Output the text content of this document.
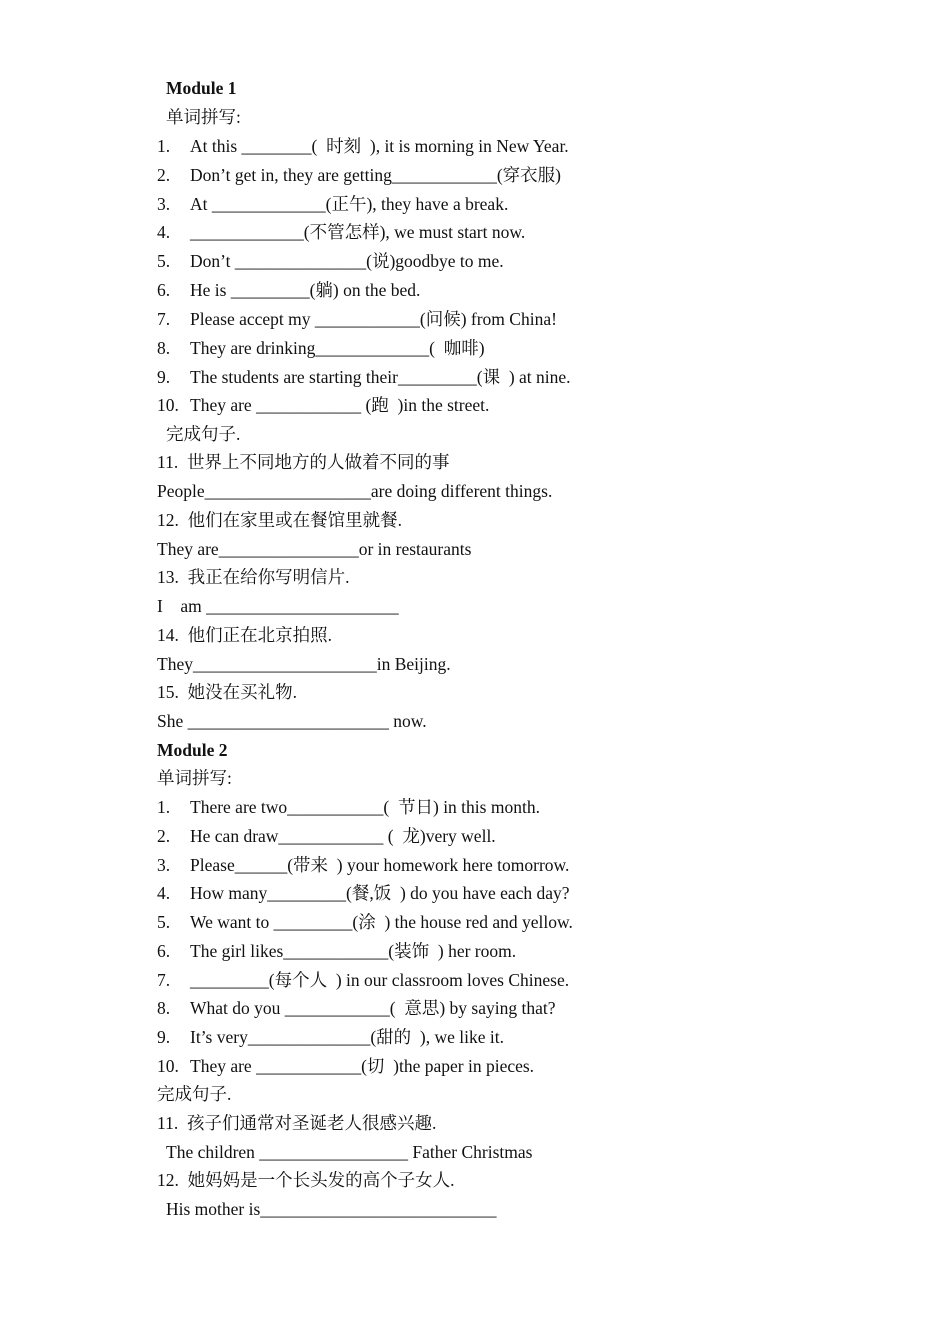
Module 1
单词拼写:
1. At this ________(  时刻  ), it is morning in New Year.
2. Don’t get in, they are getting____________(穿衣服)
3. At _____________(正午), they have a break.
4. _____________(不管怎样), we must start now.
5. Don’t _______________(说)goodbye to me.
6. He is _________(躺) on the bed.
7. Please accept my ____________(问候) from China!
8. They are drinking_____________(  咖啡)
9. The students are starting their_________(课  ) at nine.
10. They are ____________ (跑  )in the street.
完成句子.
11.  世界上不同地方的人做着不同的事
People___________________are doing different things.
12.  他们在家里或在餐馆里就餐.
They are________________or in restaurants
13.  我正在给你写明信片.
I    am ______________________
14.  他们正在北京拍照.
They_____________________in Beijing.
15.  她没在买礼物.
She _______________________ now.
Module 2
单词拼写:
1. There are two___________(  节日) in this month.
2. He can draw____________ (  龙)very well.
3. Please______(带来  ) your homework here tomorrow.
4. How many_________(餐,饭  ) do you have each day?
5. We want to _________(涂  ) the house red and yellow.
6. The girl likes____________(装饰  ) her room.
7. _________(每个人  ) in our classroom loves Chinese.
8. What do you ____________(  意思) by saying that?
9. It’s very______________(甜的  ), we like it.
10. They are ____________(切  )the paper in pieces.
完成句子.
11.  孩子们通常对圣诞老人很感兴趣.
The children _________________ Father Christmas
12.  她妈妈是一个长头发的高个子女人.
His mother is___________________________
